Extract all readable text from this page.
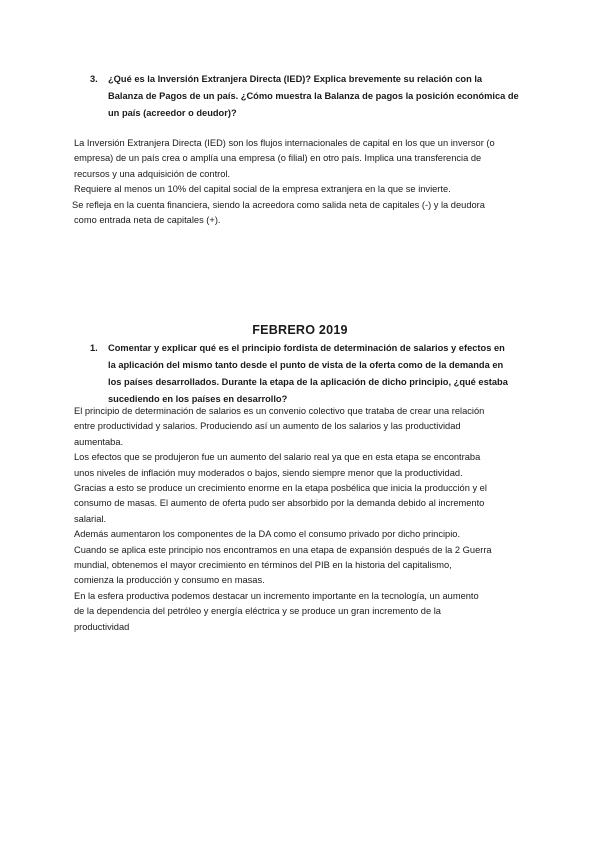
3. ¿Qué es la Inversión Extranjera Directa (IED)? Explica brevemente su relación con la
Balanza de Pagos de un país. ¿Cómo muestra la Balanza de pagos la posición económica de
un país (acreedor o deudor)?
La Inversión Extranjera Directa (IED) son los flujos internacionales de capital en los que un inversor (o
empresa) de un país crea o amplía una empresa (o filial) en otro país. Implica una transferencia de
recursos y una adquisición de control.
Requiere al menos un 10% del capital social de la empresa extranjera en la que se invierte.
Se refleja en la cuenta financiera, siendo la acreedora como salida neta de capitales (-) y la deudora
como entrada neta de capitales (+).
FEBRERO 2019
1. Comentar y explicar qué es el principio fordista de determinación de salarios y efectos en
la aplicación del mismo tanto desde el punto de vista de la oferta como de la demanda en
los países desarrollados. Durante la etapa de la aplicación de dicho principio, ¿qué estaba
sucediendo en los países en desarrollo?
El principio de determinación de salarios es un convenio colectivo que trataba de crear una relación
entre productividad y salarios. Produciendo así un aumento de los salarios y las productividad
aumentaba.
Los efectos que se produjeron fue un aumento del salario real ya que en esta etapa se encontraba
unos niveles de inflación muy moderados o bajos, siendo siempre menor que la productividad.
Gracias a esto se produce un crecimiento enorme en la etapa posbélica que inicia la producción y el
consumo de masas. El aumento de oferta pudo ser absorbido por la demanda debido al incremento
salarial.
Además aumentaron los componentes de la DA como el consumo privado por dicho principio.
Cuando se aplica este principio nos encontramos en una etapa de expansión después de la 2 Guerra
mundial, obtenemos el mayor crecimiento en términos del PIB en la historia del capitalismo,
comienza la producción y consumo en masas.
En la esfera productiva podemos destacar un incremento importante en la tecnología, un aumento
de la dependencia del petróleo y energía eléctrica y se produce un gran incremento de la
productividad
